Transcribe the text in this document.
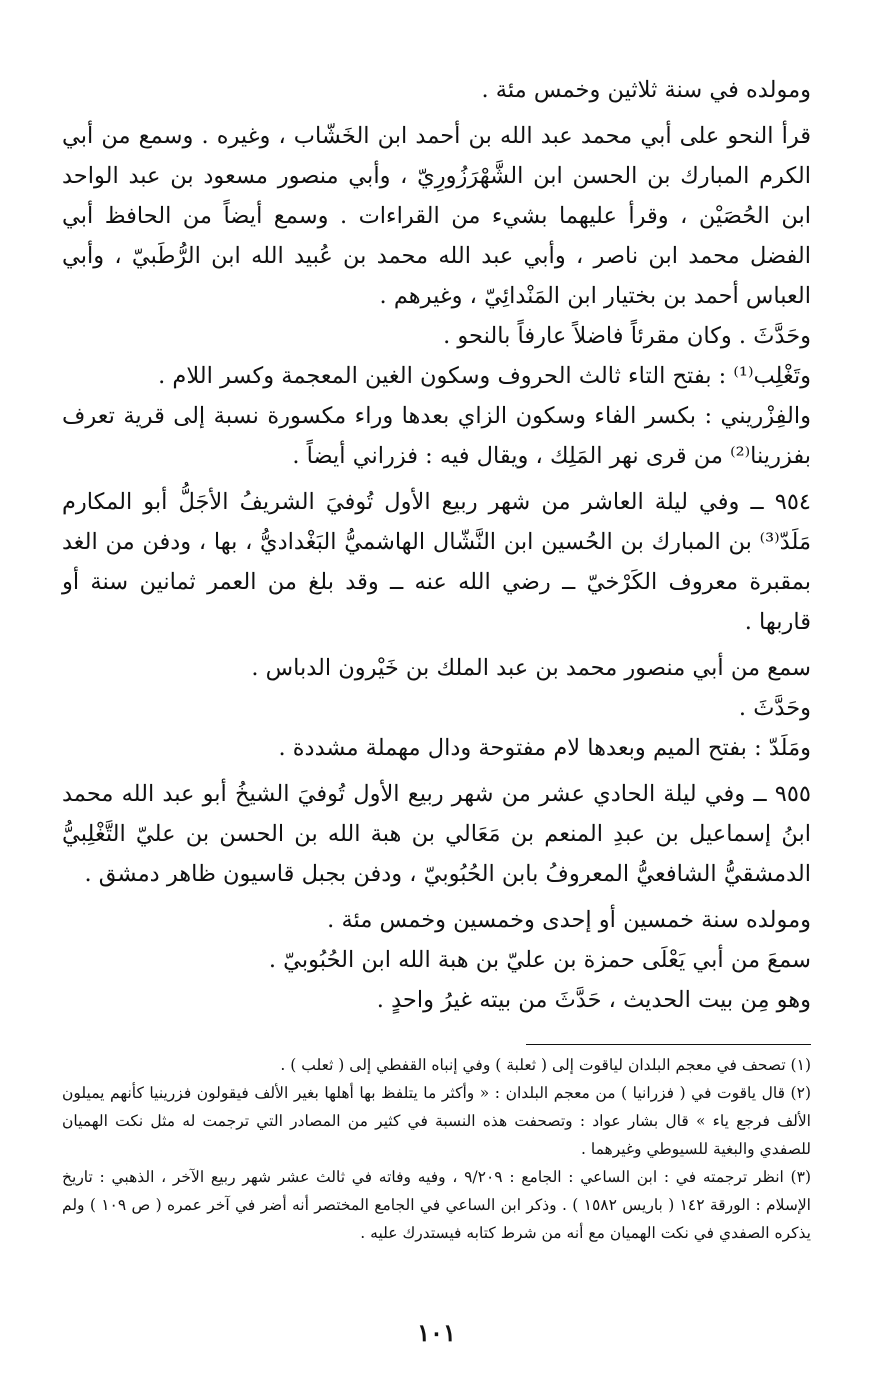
ومولده في سنة ثلاثين وخمس مئة .

قرأ النحو على أبي محمد عبد الله بن أحمد ابن الخَشّاب ، وغيره . وسمع من أبي الكرم المبارك بن الحسن ابن الشَّهْرَزُورِيّ ، وأبي منصور مسعود بن عبد الواحد ابن الحُصَيْن ، وقرأ عليهما بشيء من القراءات . وسمع أيضاً من الحافظ أبي الفضل محمد ابن ناصر ، وأبي عبد الله محمد بن عُبيد الله ابن الرُّطَبيّ ، وأبي العباس أحمد بن بختيار ابن المَنْدائِيّ ، وغيرهم .

وحَدَّثَ . وكان مقرئاً فاضلاً عارفاً بالنحو .

وتَغْلِب⁽¹⁾ : بفتح التاء ثالث الحروف وسكون الغين المعجمة وكسر اللام .

والفِزْريني : بكسر الفاء وسكون الزاي بعدها وراء مكسورة نسبة إلى قرية تعرف بفزرينا⁽²⁾ من قرى نهر المَلِك ، ويقال فيه : فزراني أيضاً .

٩٥٤ ــ وفي ليلة العاشر من شهر ربيع الأول تُوفيَ الشريفُ الأجَلُّ أبو المكارم مَلَدّ⁽³⁾ بن المبارك بن الحُسين ابن النَّشّال الهاشميُّ البَغْداديُّ ، بها ، ودفن من الغد بمقبرة معروف الكَرْخيّ ــ رضي الله عنه ــ وقد بلغ من العمر ثمانين سنة أو قاربها .

سمع من أبي منصور محمد بن عبد الملك بن خَيْرون الدباس .

وحَدَّثَ .

ومَلَدّ : بفتح الميم وبعدها لام مفتوحة ودال مهملة مشددة .

٩٥٥ ــ وفي ليلة الحادي عشر من شهر ربيع الأول تُوفيَ الشيخُ أبو عبد الله محمد ابنُ إسماعيل بن عبدِ المنعم بن مَعَالي بن هبة الله بن الحسن بن عليّ التَّغْلِبيُّ الدمشقيُّ الشافعيُّ المعروفُ بابن الحُبُوبيّ ، ودفن بجبل قاسيون ظاهر دمشق .

ومولده سنة خمسين أو إحدى وخمسين وخمس مئة .

سمعَ من أبي يَعْلَى حمزة بن عليّ بن هبة الله ابن الحُبُوبيّ .

وهو مِن بيت الحديث ، حَدَّثَ من بيته غيرُ واحدٍ .

(١) تصحف في معجم البلدان لياقوت إلى ( ثعلبة ) وفي إنباه القفطي إلى ( ثعلب ) .

(٢) قال ياقوت في ( فزرانيا ) من معجم البلدان : « وأكثر ما يتلفظ بها أهلها بغير الألف فيقولون فزرينيا كأنهم يميلون الألف فرجع ياء » قال بشار عواد : وتصحفت هذه النسبة في كثير من المصادر التي ترجمت له مثل نكت الهميان للصفدي والبغية للسيوطي وغيرهما .

(٣) انظر ترجمته في : ابن الساعي : الجامع : ٩/٢٠٩ ، وفيه وفاته في ثالث عشر شهر ربيع الآخر ، الذهبي : تاريخ الإسلام : الورقة ١٤٢ ( باريس ١٥٨٢ ) . وذكر ابن الساعي في الجامع المختصر أنه أضر في آخر عمره ( ص ١٠٩ ) ولم يذكره الصفدي في نكت الهميان مع أنه من شرط كتابه فيستدرك عليه .

١٠١
